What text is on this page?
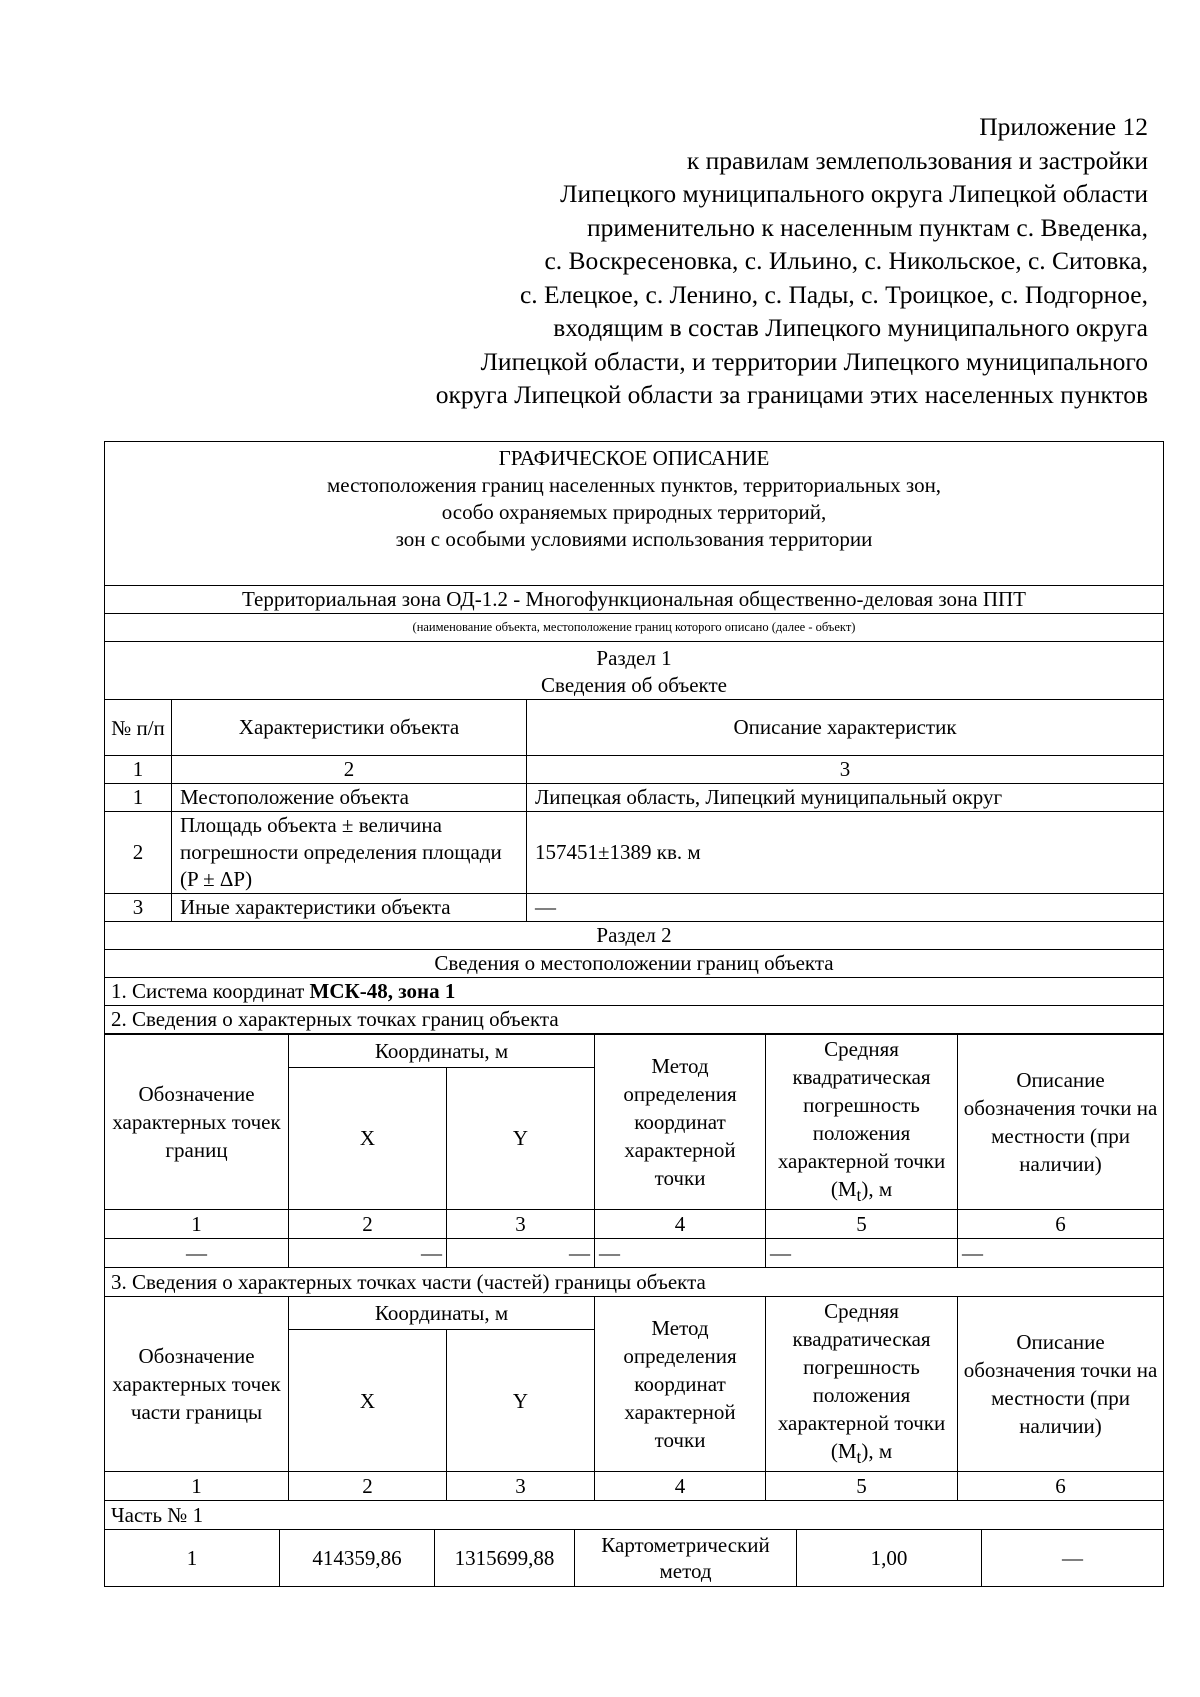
Приложение 12
к правилам землепользования и застройки
Липецкого муниципального округа Липецкой области
применительно к населенным пунктам с. Введенка,
с. Воскресеновка, с. Ильино, с. Никольское, с. Ситовка,
с. Елецкое, с. Ленино, с. Пады, с. Троицкое, с. Подгорное,
входящим в состав Липецкого муниципального округа
Липецкой области, и территории Липецкого муниципального
округа Липецкой области за границами этих населенных пунктов
ГРАФИЧЕСКОЕ ОПИСАНИЕ
местоположения границ населенных пунктов, территориальных зон,
особо охраняемых природных территорий,
зон с особыми условиями использования территории		

Территориальная зона ОД-1.2 - Многофункциональная общественно-деловая зона ППТ		
(наименование объекта, местоположение границ которого описано (далее - объект)		

Раздел 1
Сведения об объекте		

№ п/п	Характеристики объекта	Описание характеристик
1	2	3
1	Местоположение объекта	Липецкая область, Липецкий муниципальный округ
2	Площадь объекта ± величина погрешности определения площади (P ± ΔP)	157451±1389 кв. м
3	Иные характеристики объекта	—
Раздел 2		
Сведения о местоположении границ объекта		
1. Система координат МСК-48, зона 1		
2. Сведения о характерных точках границ объекта		
Обозначение характерных точек границ	Координаты, м		Метод определения координат характерной точки	Средняя квадратическая погрешность положения характерной точки $(M_t)$, м	Описание обозначения точки на местности (при наличии)
	X	Y			
1	2	3	4	5	6
—	—	—	—	—	—
3. Сведения о характерных точках части (частей) границы объекта					
Обозначение характерных точек части границы	Координаты, м		Метод определения координат характерной точки	Средняя квадратическая погрешность положения характерной точки $(M_t)$, м	Описание обозначения точки на местности (при наличии)
	X	Y			
1	2	3	4	5	6
Часть № 1					
1	414359,86	1315699,88	Картометрический метод	1,00	—
